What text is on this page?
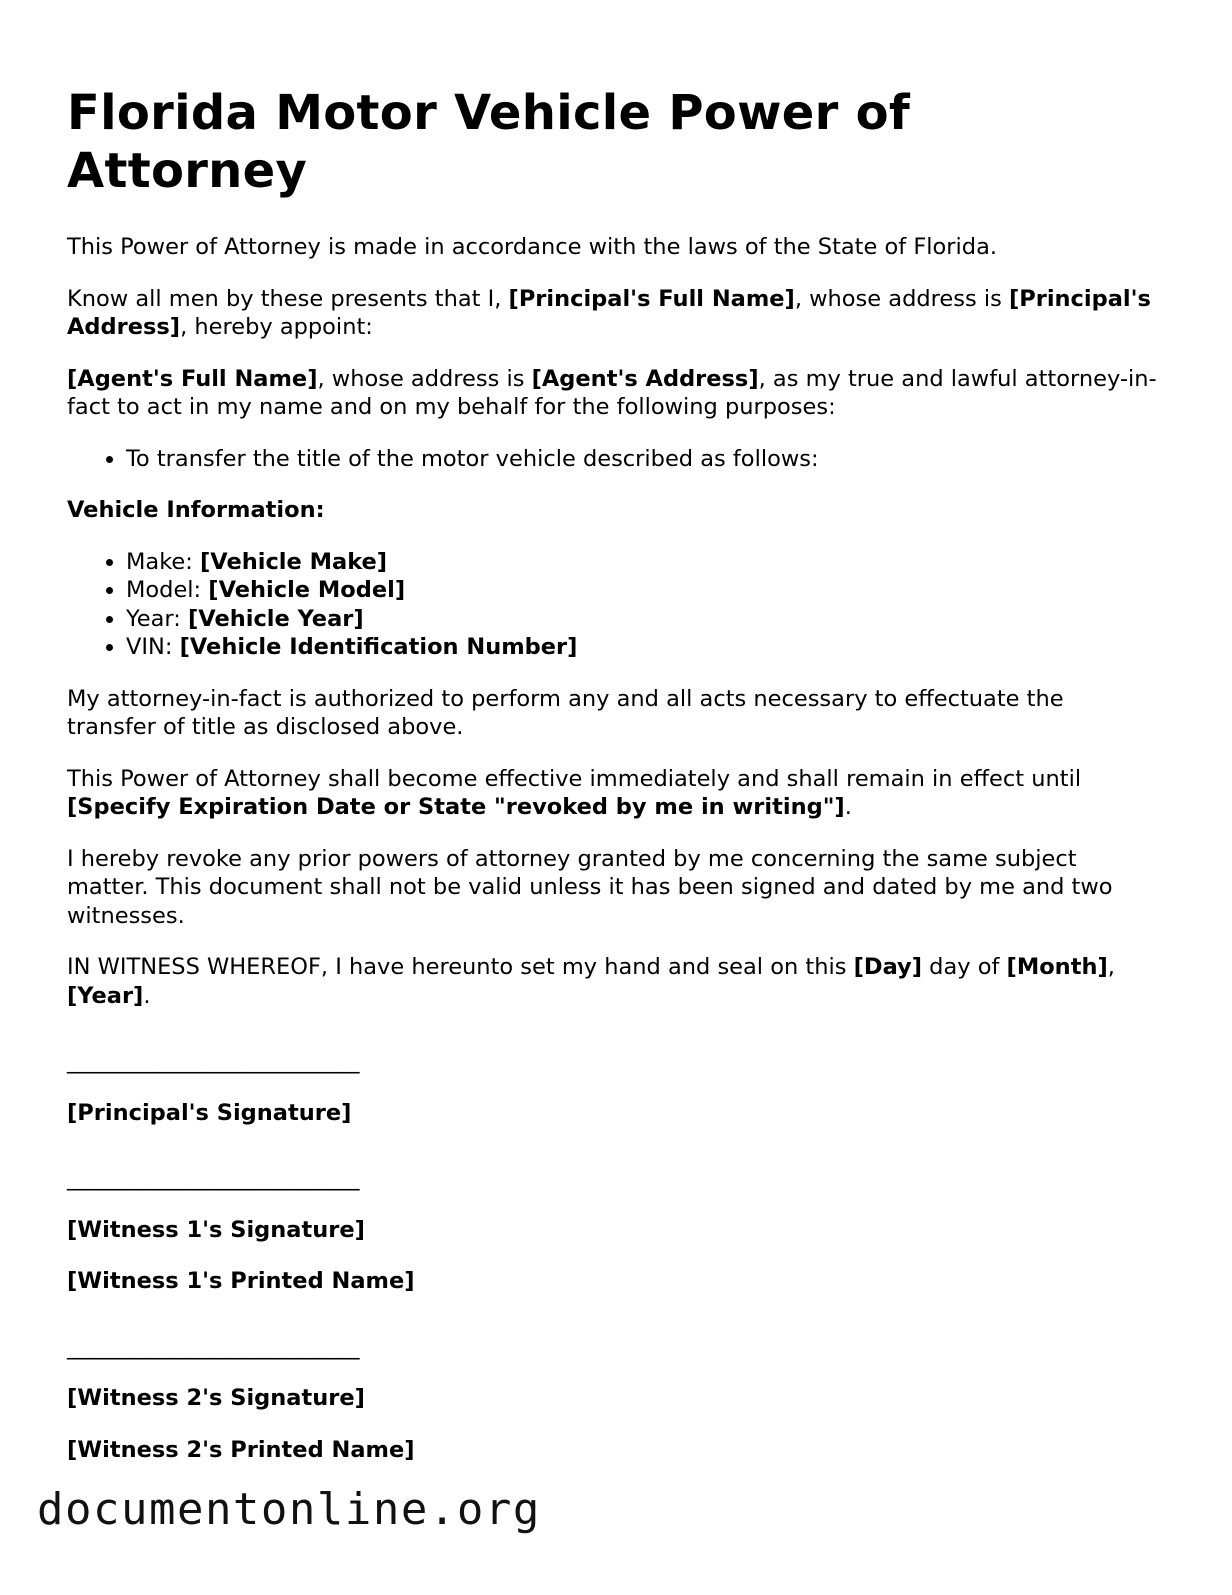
Florida Motor Vehicle Power of Attorney

This Power of Attorney is made in accordance with the laws of the State of Florida.

Know all men by these presents that I, [Principal's Full Name], whose address is [Principal's Address], hereby appoint:

[Agent's Full Name], whose address is [Agent's Address], as my true and lawful attorney-in-fact to act in my name and on my behalf for the following purposes:

• To transfer the title of the motor vehicle described as follows:

Vehicle Information:

• Make: [Vehicle Make]
• Model: [Vehicle Model]
• Year: [Vehicle Year]
• VIN: [Vehicle Identification Number]

My attorney-in-fact is authorized to perform any and all acts necessary to effectuate the transfer of title as disclosed above.

This Power of Attorney shall become effective immediately and shall remain in effect until [Specify Expiration Date or State "revoked by me in writing"].

I hereby revoke any prior powers of attorney granted by me concerning the same subject matter. This document shall not be valid unless it has been signed and dated by me and two witnesses.

IN WITNESS WHEREOF, I have hereunto set my hand and seal on this [Day] day of [Month], [Year].

__________________________

[Principal's Signature]

__________________________

[Witness 1's Signature]

[Witness 1's Printed Name]

__________________________

[Witness 2's Signature]

[Witness 2's Printed Name]

documentonline.org
